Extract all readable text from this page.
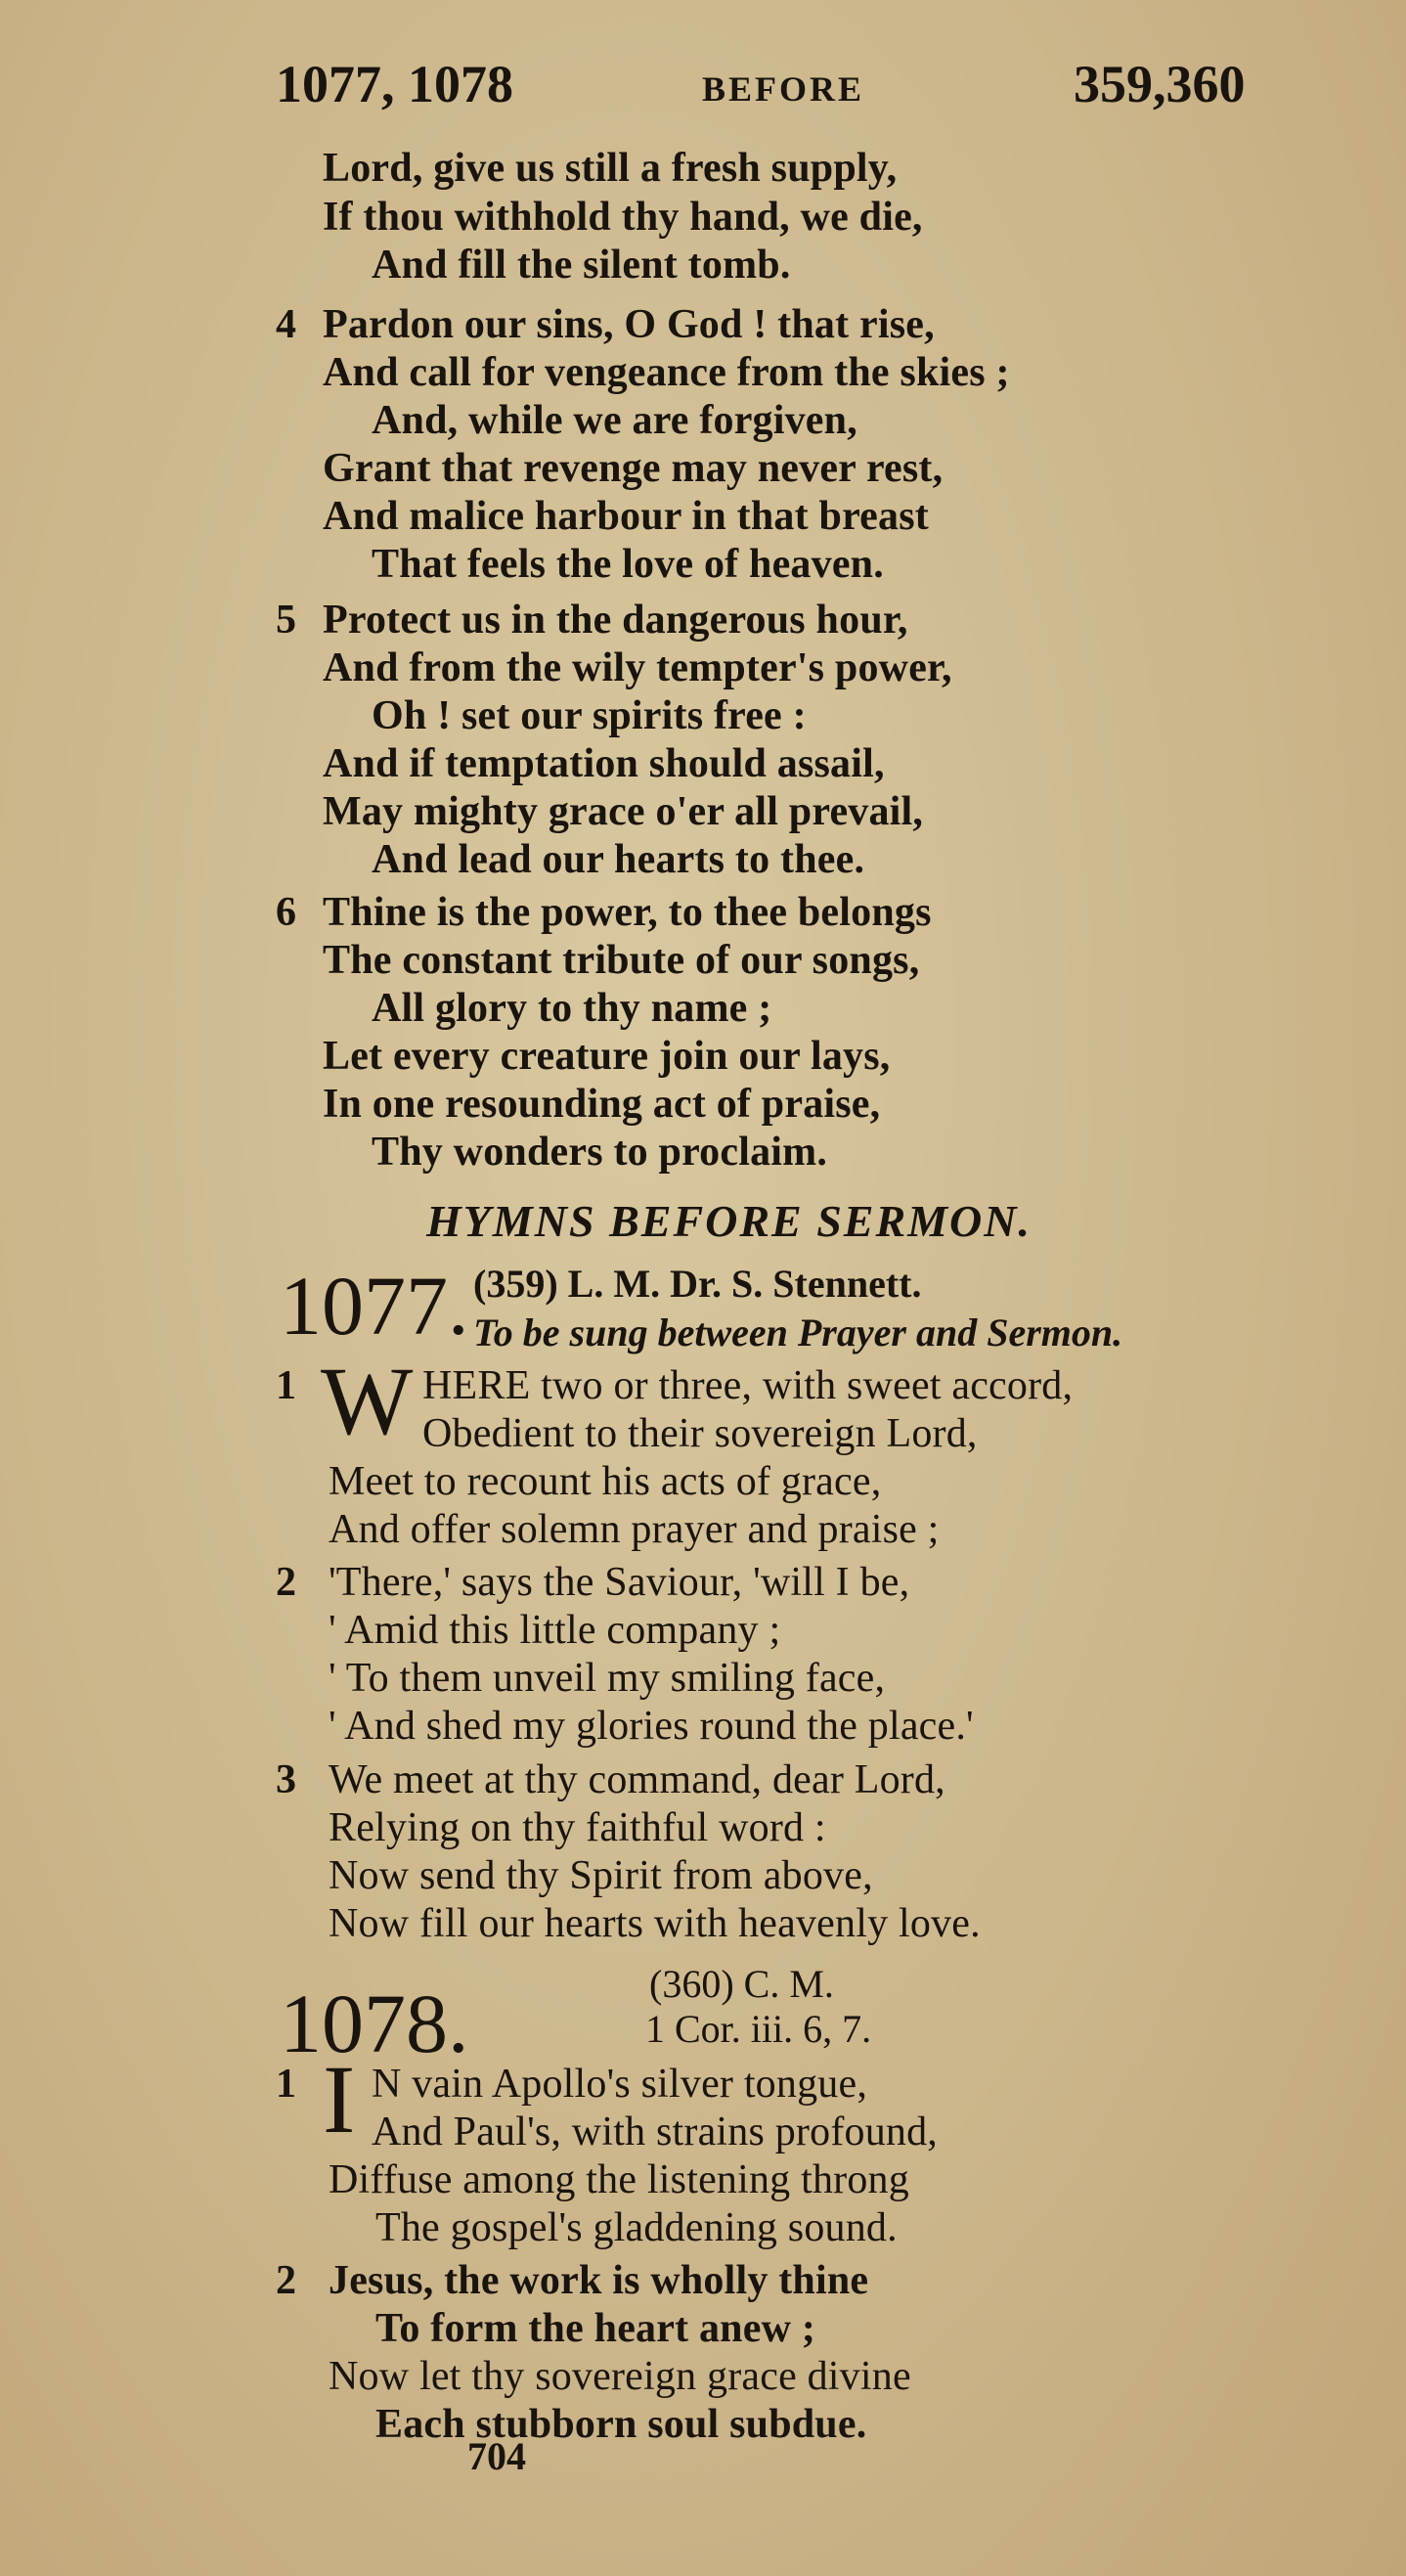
1077, 1078	BEFORE	359,360
Lord, give us still a fresh supply,
If thou withhold thy hand, we die,
And fill the silent tomb.
4 Pardon our sins, O God ! that rise,
And call for vengeance from the skies ;
And, while we are forgiven,
Grant that revenge may never rest,
And malice harbour in that breast
That feels the love of heaven.
5 Protect us in the dangerous hour,
And from the wily tempter's power,
Oh ! set our spirits free :
And if temptation should assail,
May mighty grace o'er all prevail,
And lead our hearts to thee.
6 Thine is the power, to thee belongs
The constant tribute of our songs,
All glory to thy name ;
Let every creature join our lays,
In one resounding act of praise,
Thy wonders to proclaim.
HYMNS BEFORE SERMON.
1077. (359) L. M. Dr. S. Stennett.
To be sung between Prayer and Sermon.
1 W HERE two or three, with sweet accord,
Obedient to their sovereign Lord,
Meet to recount his acts of grace,
And offer solemn prayer and praise ;
2 'There,' says the Saviour, 'will I be,
' Amid this little company ;
' To them unveil my smiling face,
' And shed my glories round the place.'
3 We meet at thy command, dear Lord,
Relying on thy faithful word :
Now send thy Spirit from above,
Now fill our hearts with heavenly love.
1078.	(360) C. M.
1 Cor. iii. 6, 7.
1 I N vain Apollo's silver tongue,
And Paul's, with strains profound,
Diffuse among the listening throng
The gospel's gladdening sound.
2 Jesus, the work is wholly thine
To form the heart anew ;
Now let thy sovereign grace divine
Each stubborn soul subdue.
704
